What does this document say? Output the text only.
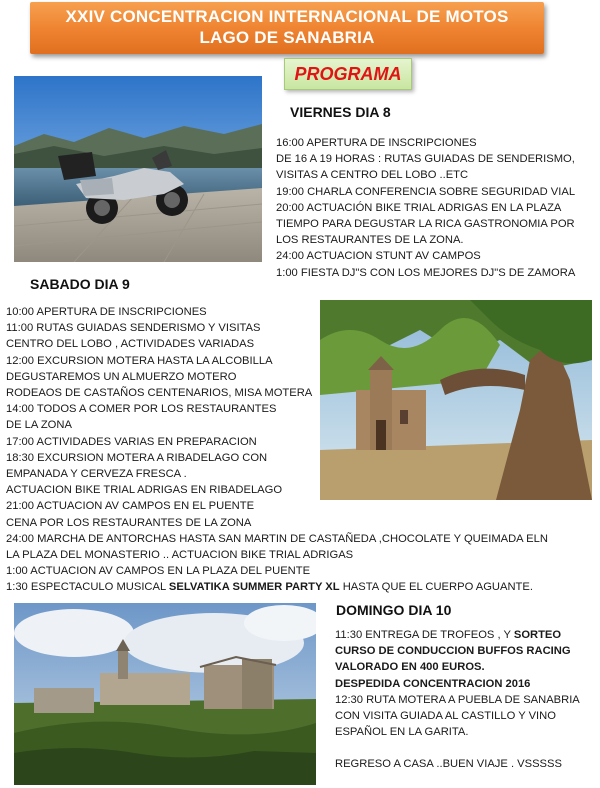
XXIV CONCENTRACION INTERNACIONAL DE MOTOS
LAGO DE SANABRIA
PROGRAMA
VIERNES DIA 8
16:00 APERTURA DE INSCRIPCIONES
DE 16 A 19 HORAS : RUTAS GUIADAS DE SENDERISMO,
VISITAS A CENTRO DEL LOBO ..ETC
19:00 CHARLA CONFERENCIA SOBRE SEGURIDAD VIAL
20:00 ACTUACIÓN BIKE TRIAL ADRIGAS EN LA PLAZA
TIEMPO PARA DEGUSTAR LA RICA GASTRONOMIA POR
LOS RESTAURANTES DE LA ZONA.
24:00 ACTUACION STUNT AV CAMPOS
1:00 FIESTA DJ"S CON LOS MEJORES DJ"S DE ZAMORA
SABADO DIA 9
10:00 APERTURA DE INSCRIPCIONES
11:00 RUTAS GUIADAS SENDERISMO Y VISITAS
CENTRO DEL LOBO , ACTIVIDADES VARIADAS
12:00 EXCURSION MOTERA HASTA LA ALCOBILLA
DEGUSTAREMOS UN ALMUERZO MOTERO
RODEAOS DE CASTAÑOS CENTENARIOS, MISA MOTERA
14:00 TODOS A COMER POR LOS RESTAURANTES
DE LA ZONA
17:00 ACTIVIDADES VARIAS EN PREPARACION
18:30 EXCURSION MOTERA A RIBADELAGO CON
EMPANADA Y CERVEZA FRESCA .
ACTUACION BIKE TRIAL ADRIGAS EN RIBADELAGO
21:00 ACTUACION AV CAMPOS EN EL PUENTE
CENA POR LOS RESTAURANTES DE LA ZONA
24:00 MARCHA DE ANTORCHAS HASTA SAN MARTIN DE CASTAÑEDA ,CHOCOLATE Y QUEIMADA ELN
LA PLAZA DEL MONASTERIO .. ACTUACION BIKE TRIAL ADRIGAS
1:00 ACTUACION AV CAMPOS EN LA PLAZA DEL PUENTE
1:30 ESPECTACULO MUSICAL SELVATIKA SUMMER PARTY XL HASTA QUE EL CUERPO AGUANTE.
DOMINGO DIA 10
11:30 ENTREGA DE TROFEOS , Y SORTEO
CURSO DE CONDUCCION BUFFOS RACING
VALORADO EN 400 EUROS.
DESPEDIDA CONCENTRACION 2016
12:30 RUTA MOTERA A PUEBLA DE SANABRIA
CON VISITA GUIADA AL CASTILLO Y VINO
ESPAÑOL EN LA GARITA.
REGRESO A CASA ..BUEN VIAJE . VSSSSS
